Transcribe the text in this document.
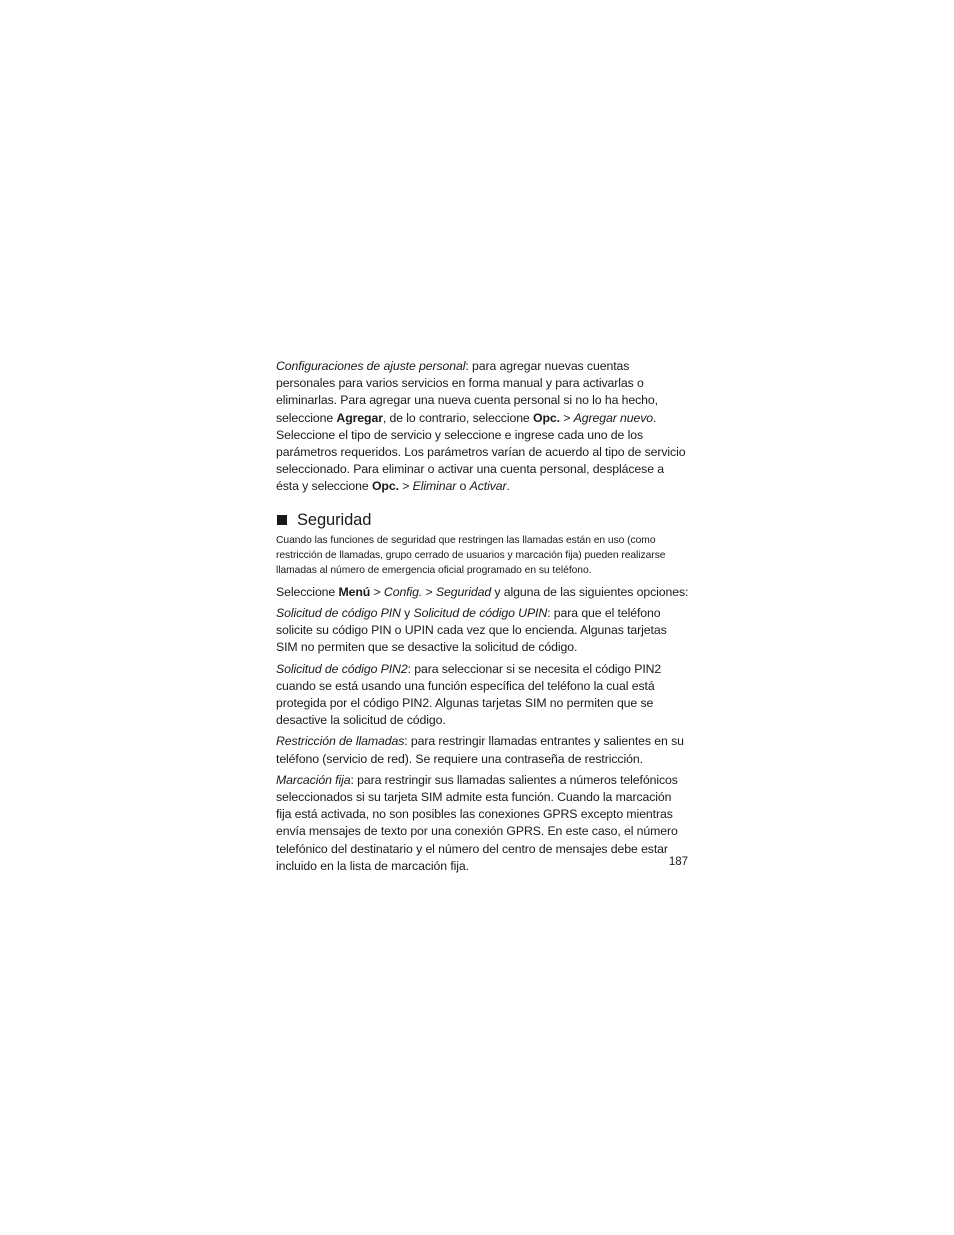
Configuraciones de ajuste personal: para agregar nuevas cuentas personales para varios servicios en forma manual y para activarlas o eliminarlas. Para agregar una nueva cuenta personal si no lo ha hecho, seleccione Agregar, de lo contrario, seleccione Opc. > Agregar nuevo. Seleccione el tipo de servicio y seleccione e ingrese cada uno de los parámetros requeridos. Los parámetros varían de acuerdo al tipo de servicio seleccionado. Para eliminar o activar una cuenta personal, desplácese a ésta y seleccione Opc. > Eliminar o Activar.

Seguridad

Cuando las funciones de seguridad que restringen las llamadas están en uso (como restricción de llamadas, grupo cerrado de usuarios y marcación fija) pueden realizarse llamadas al número de emergencia oficial programado en su teléfono.

Seleccione Menú > Config. > Seguridad y alguna de las siguientes opciones:

Solicitud de código PIN y Solicitud de código UPIN: para que el teléfono solicite su código PIN o UPIN cada vez que lo encienda. Algunas tarjetas SIM no permiten que se desactive la solicitud de código.

Solicitud de código PIN2: para seleccionar si se necesita el código PIN2 cuando se está usando una función específica del teléfono la cual está protegida por el código PIN2. Algunas tarjetas SIM no permiten que se desactive la solicitud de código.

Restricción de llamadas: para restringir llamadas entrantes y salientes en su teléfono (servicio de red). Se requiere una contraseña de restricción.

Marcación fija: para restringir sus llamadas salientes a números telefónicos seleccionados si su tarjeta SIM admite esta función. Cuando la marcación fija está activada, no son posibles las conexiones GPRS excepto mientras envía mensajes de texto por una conexión GPRS. En este caso, el número telefónico del destinatario y el número del centro de mensajes debe estar incluido en la lista de marcación fija.	187
